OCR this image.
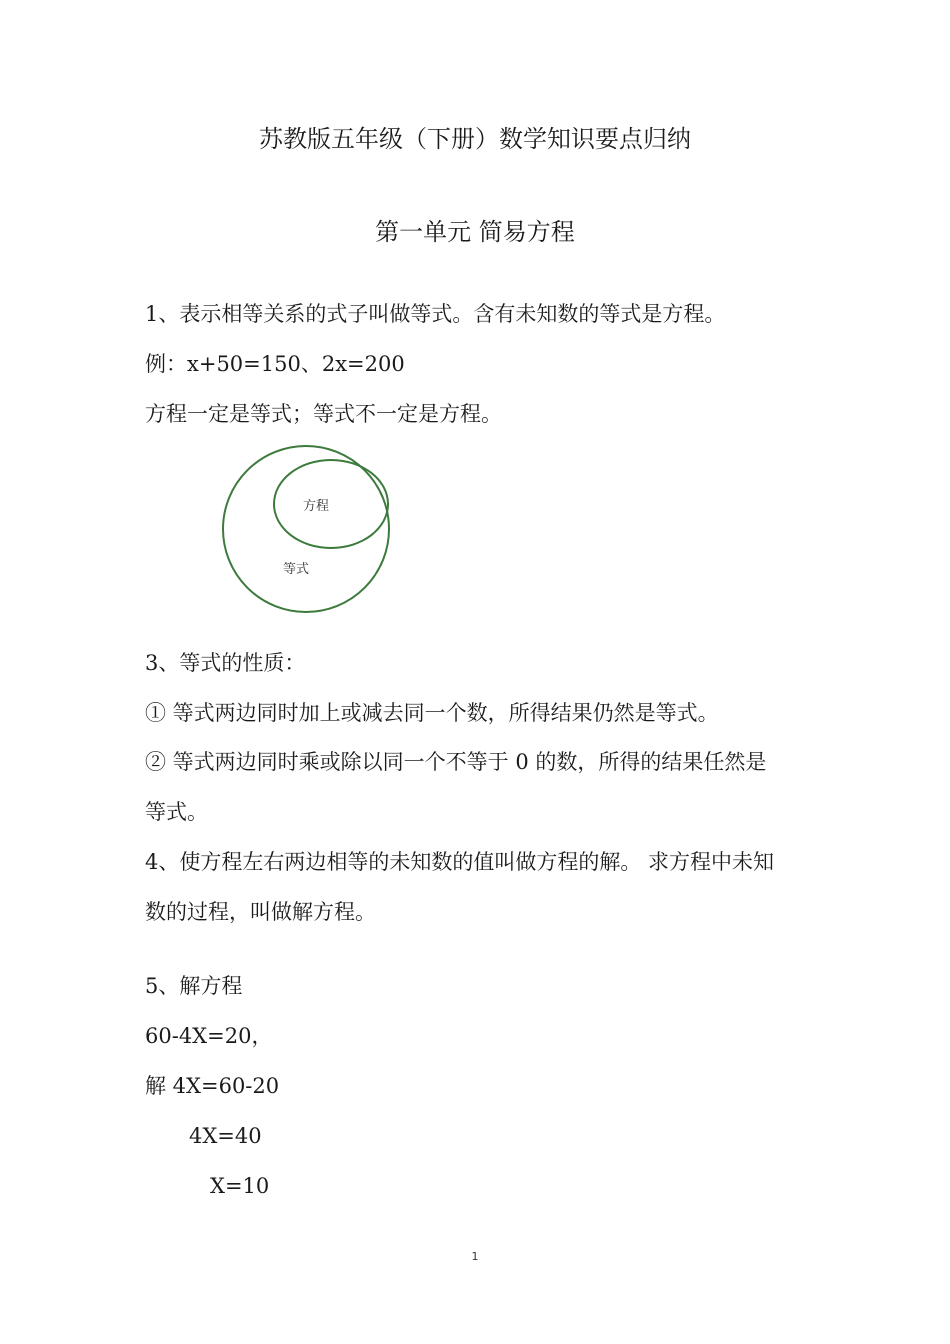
苏教版五年级（下册）数学知识要点归纳
第一单元 简易方程
1、表示相等关系的式子叫做等式。含有未知数的等式是方程。
例：x+50=150、2x=200
方程一定是等式；等式不一定是方程。
方程
等式
3、等式的性质：
① 等式两边同时加上或减去同一个数，所得结果仍然是等式。
② 等式两边同时乘或除以同一个不等于 0 的数，所得的结果任然是
等式。
4、使方程左右两边相等的未知数的值叫做方程的解。 求方程中未知
数的过程，叫做解方程。
5、解方程
60-4X=20，
解 4X=60-20
4X=40
X=10
1
